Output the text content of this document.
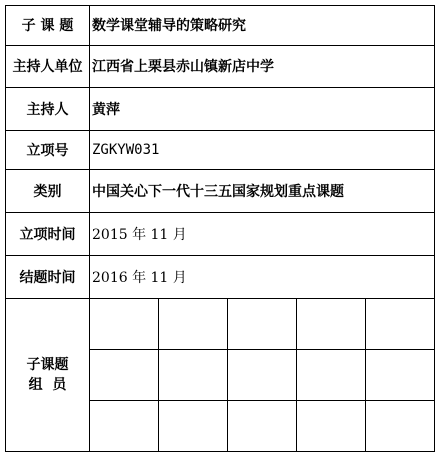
子 课 题	数学课堂辅导的策略研究				
主持人单位	江西省上栗县赤山镇新店中学				
主持人	黄萍				
立项号	ZGKYW031				
类别	中国关心下一代十三五国家规划重点课题				
立项时间	2015 年 11 月				
结题时间	2016 年 11 月				

子课题
组  员					
